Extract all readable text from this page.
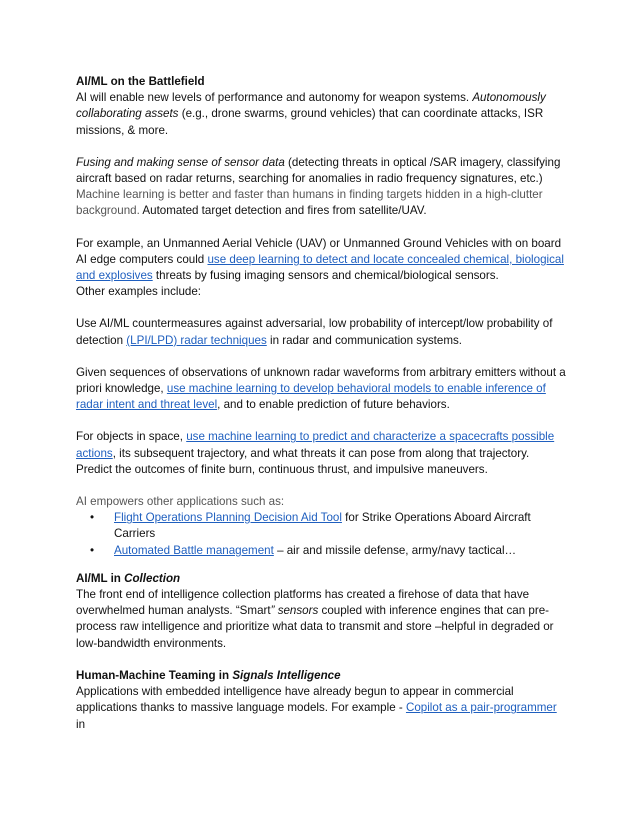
AI/ML on the Battlefield

AI will enable new levels of performance and autonomy for weapon systems. Autonomously collaborating assets (e.g., drone swarms, ground vehicles) that can coordinate attacks, ISR missions, & more.

Fusing and making sense of sensor data (detecting threats in optical /SAR imagery, classifying aircraft based on radar returns, searching for anomalies in radio frequency signatures, etc.) Machine learning is better and faster than humans in finding targets hidden in a high-clutter background. Automated target detection and fires from satellite/UAV.

For example, an Unmanned Aerial Vehicle (UAV) or Unmanned Ground Vehicles with on board AI edge computers could use deep learning to detect and locate concealed chemical, biological and explosives threats by fusing imaging sensors and chemical/biological sensors.
Other examples include:

Use AI/ML countermeasures against adversarial, low probability of intercept/low probability of detection (LPI/LPD) radar techniques in radar and communication systems.

Given sequences of observations of unknown radar waveforms from arbitrary emitters without a priori knowledge, use machine learning to develop behavioral models to enable inference of radar intent and threat level, and to enable prediction of future behaviors.

For objects in space, use machine learning to predict and characterize a spacecrafts possible actions, its subsequent trajectory, and what threats it can pose from along that trajectory. Predict the outcomes of finite burn, continuous thrust, and impulsive maneuvers.

AI empowers other applications such as:

• Flight Operations Planning Decision Aid Tool for Strike Operations Aboard Aircraft Carriers
• Automated Battle management – air and missile defense, army/navy tactical…

AI/ML in Collection

The front end of intelligence collection platforms has created a firehose of data that have overwhelmed human analysts. “Smart” sensors coupled with inference engines that can pre-process raw intelligence and prioritize what data to transmit and store –helpful in degraded or low-bandwidth environments.

Human-Machine Teaming in Signals Intelligence

Applications with embedded intelligence have already begun to appear in commercial applications thanks to massive language models. For example - Copilot as a pair-programmer in
